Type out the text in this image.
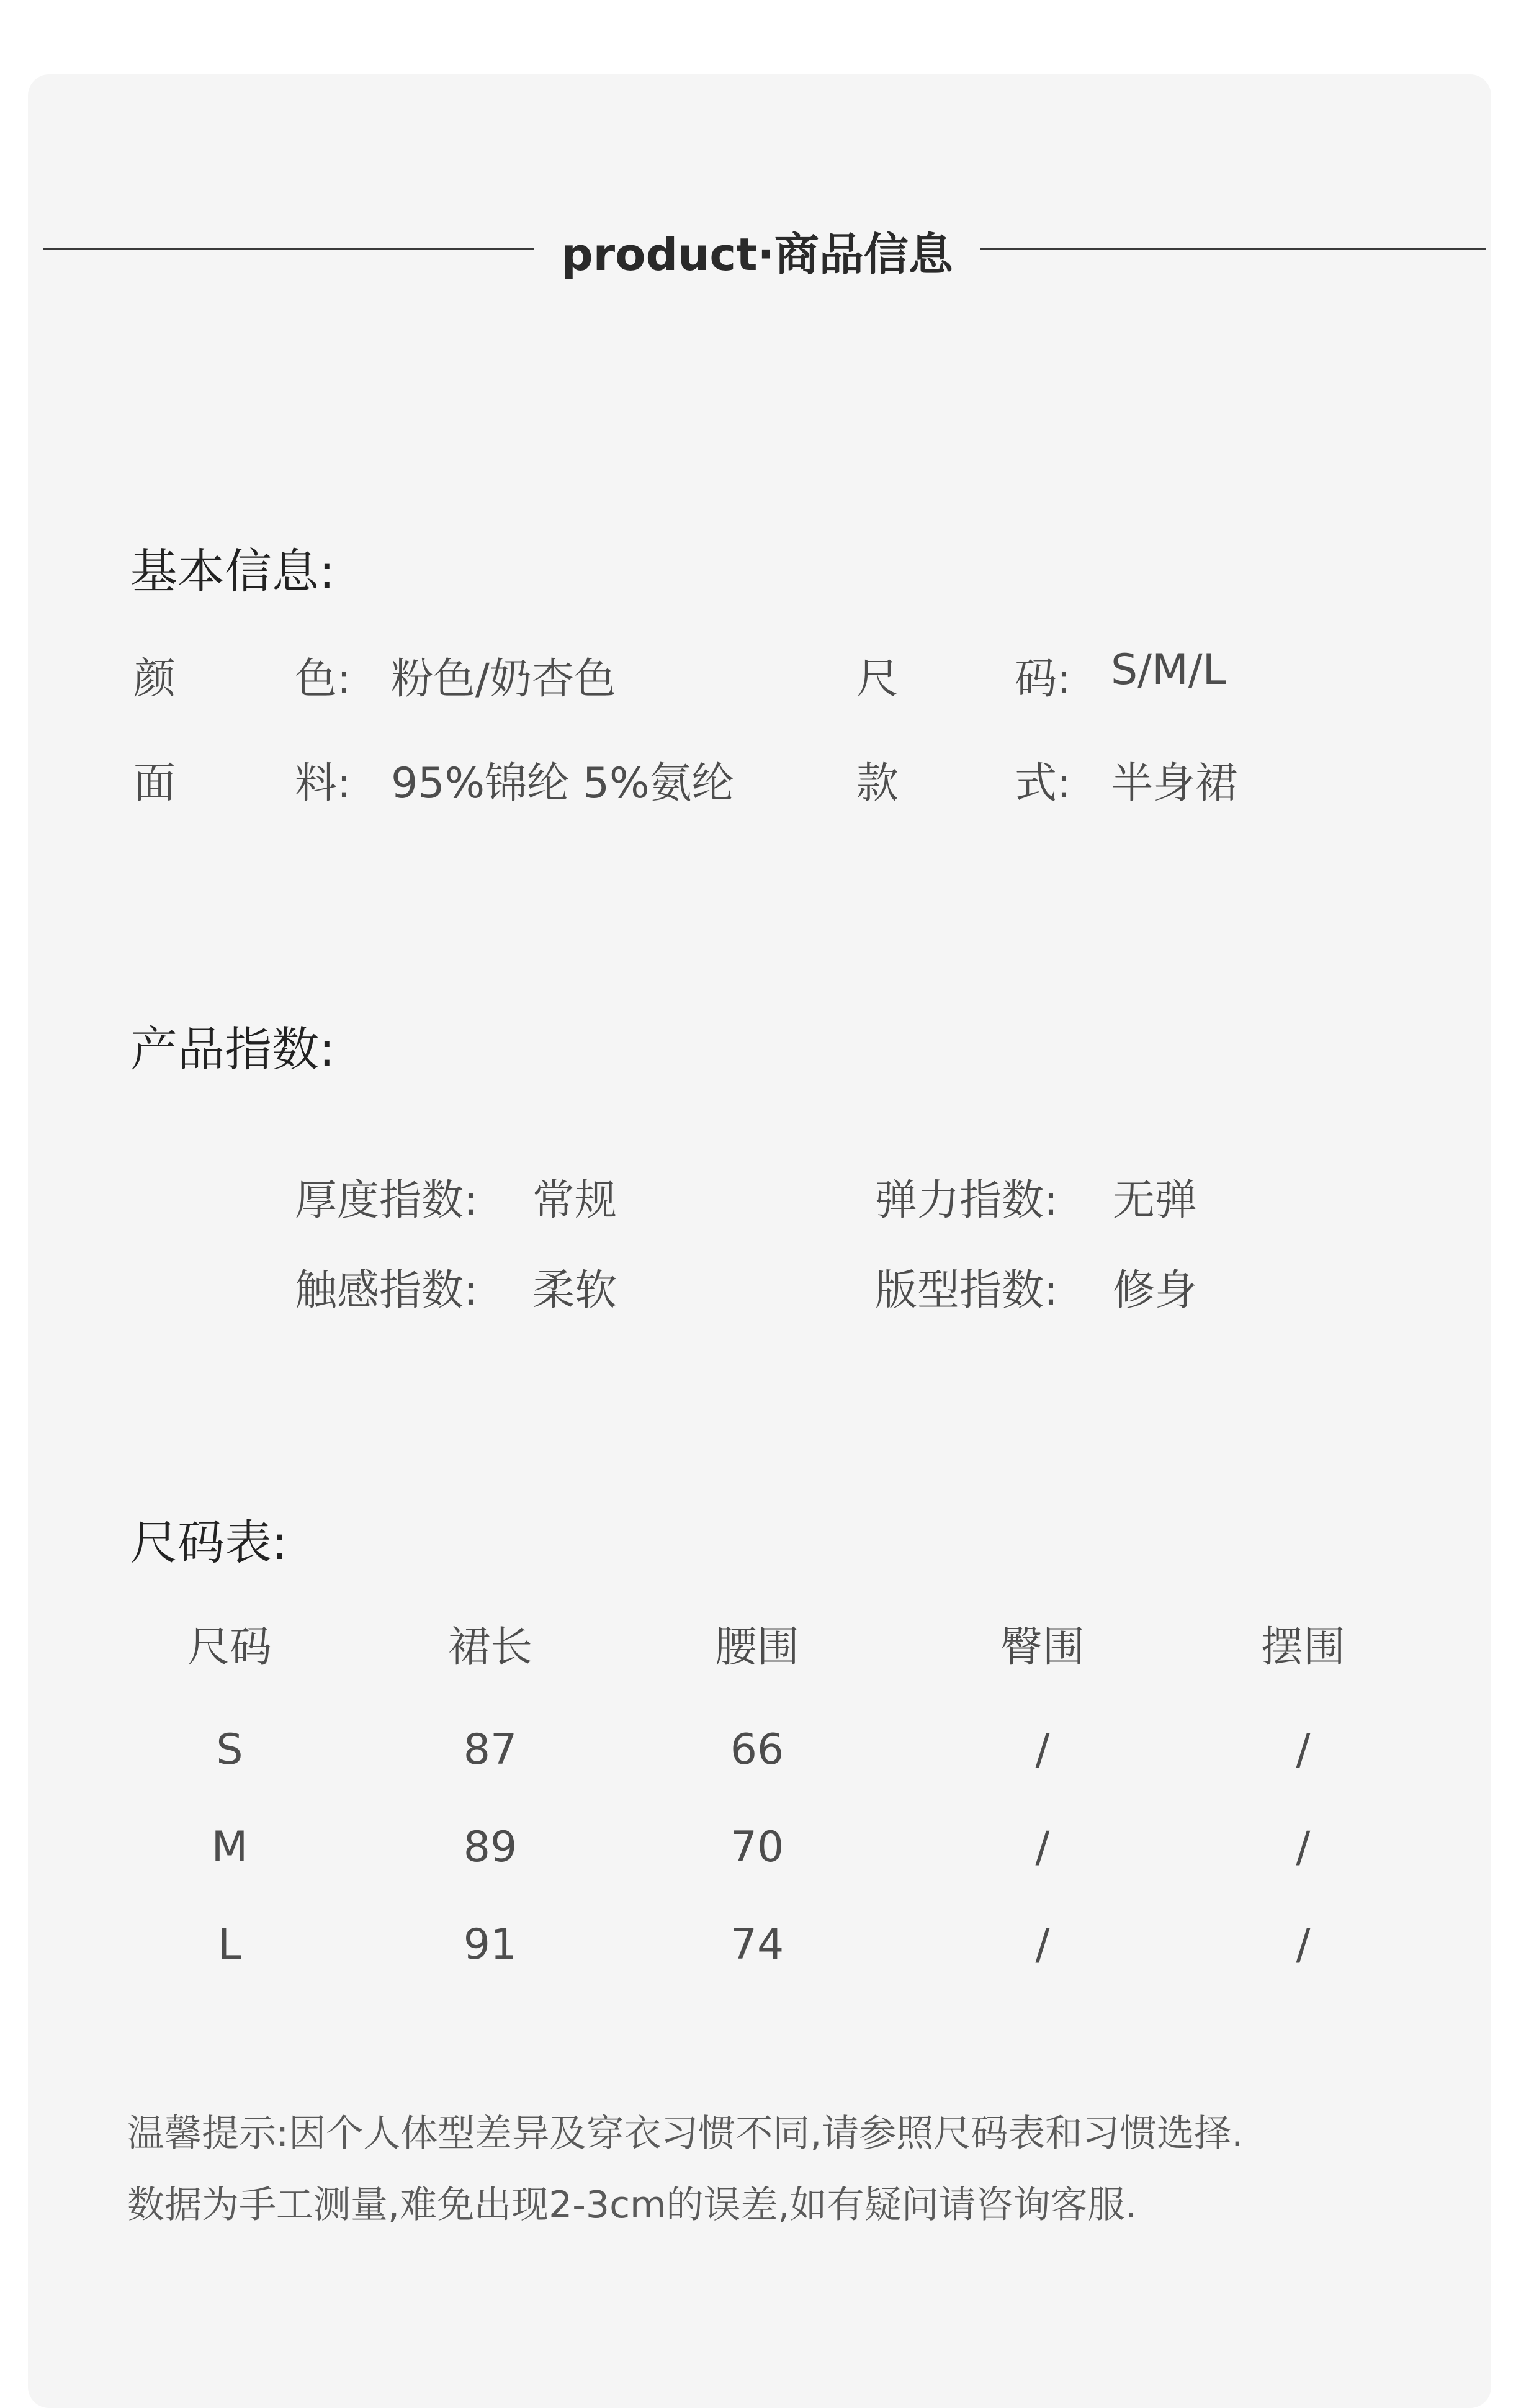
product·商品信息
基本信息:
颜	色: 粉色/奶杏色	尺	码: S/M/L
面	料: 95%锦纶 5%氨纶	款	式: 半身裙
产品指数:
厚度指数: 常规	弹力指数: 无弹
触感指数: 柔软	版型指数: 修身
尺码表:
尺码	裙长	腰围	臀围	摆围
S	87	66	/	/
M	89	70	/	/
L	91	74	/	/
温馨提示:因个人体型差异及穿衣习惯不同,请参照尺码表和习惯选择.
数据为手工测量,难免出现2-3cm的误差,如有疑问请咨询客服.
